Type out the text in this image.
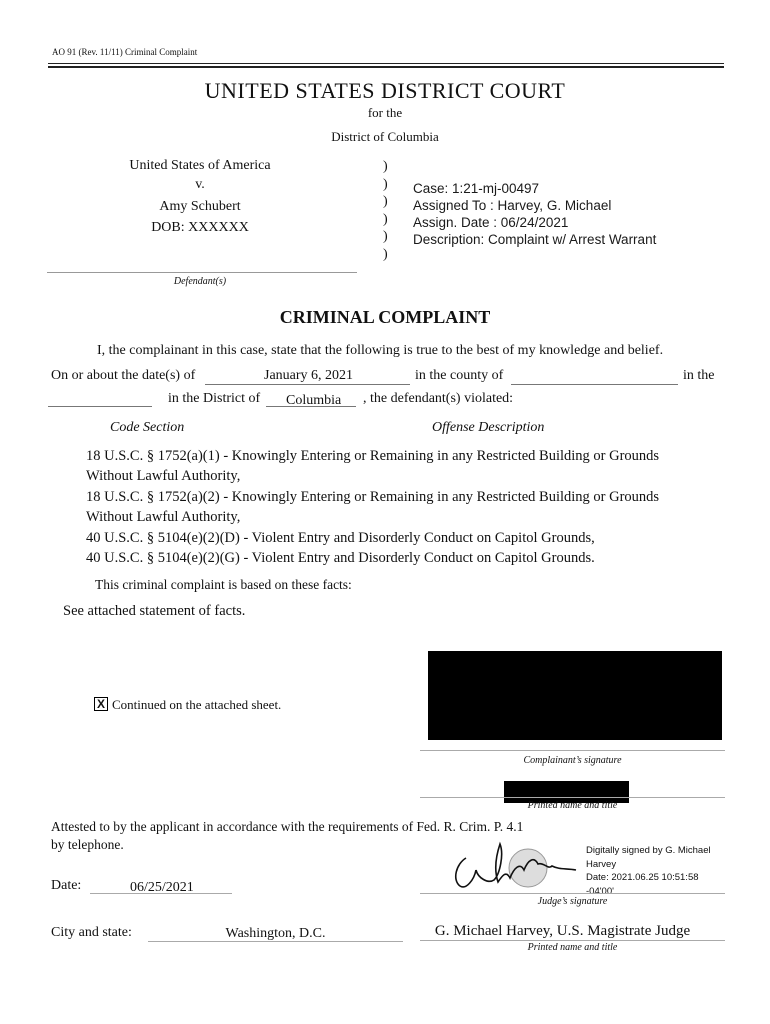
AO 91 (Rev. 11/11) Criminal Complaint
UNITED STATES DISTRICT COURT
for the
District of Columbia
United States of America
v.
Amy Schubert
DOB: XXXXXX
Defendant(s)
)
)
)
)
)
)
Case: 1:21-mj-00497
Assigned To : Harvey, G. Michael
Assign. Date : 06/24/2021
Description: Complaint w/ Arrest Warrant
CRIMINAL COMPLAINT
I, the complainant in this case, state that the following is true to the best of my knowledge and belief.
On or about the date(s) of	January 6, 2021	in the county of	in the
in the District of Columbia , the defendant(s) violated:
Code Section	Offense Description
18 U.S.C. § 1752(a)(1) - Knowingly Entering or Remaining in any Restricted Building or Grounds
Without Lawful Authority,
18 U.S.C. § 1752(a)(2) - Knowingly Entering or Remaining in any Restricted Building or Grounds
Without Lawful Authority,
40 U.S.C. § 5104(e)(2)(D) - Violent Entry and Disorderly Conduct on Capitol Grounds,
40 U.S.C. § 5104(e)(2)(G) - Violent Entry and Disorderly Conduct on Capitol Grounds.
This criminal complaint is based on these facts:
See attached statement of facts.
X Continued on the attached sheet.
Complainant’s signature
Printed name and title
Attested to by the applicant in accordance with the requirements of Fed. R. Crim. P. 4.1
by telephone.	Digitally signed by G. Michael
Harvey
Date: 2021.06.25 10:51:58
-04'00'
Date:	06/25/2021
Judge’s signature
City and state:	Washington, D.C.	G. Michael Harvey, U.S. Magistrate Judge
Printed name and title
